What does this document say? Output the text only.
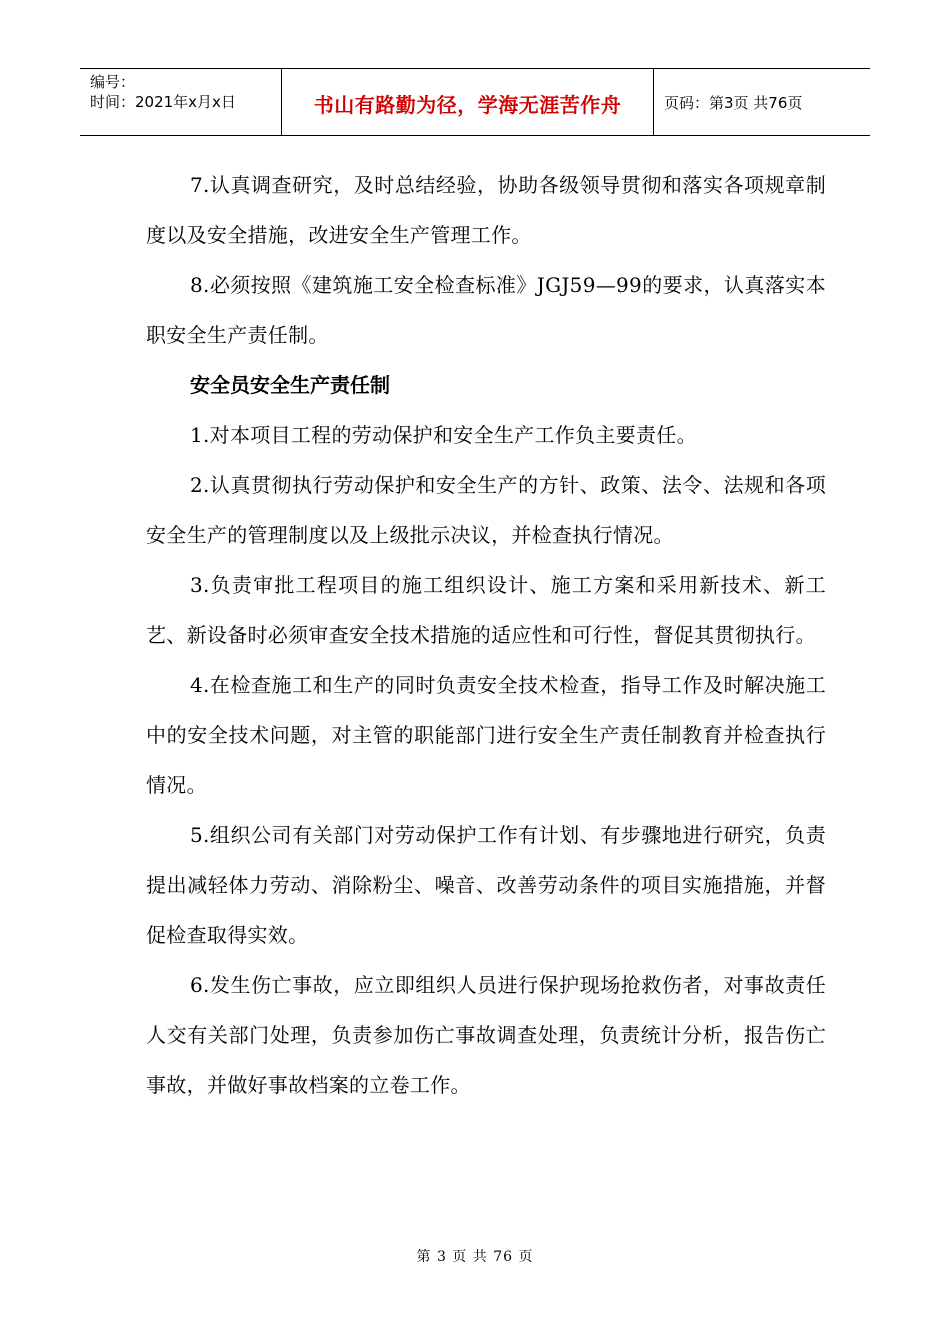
编号：
时间：2021年x月x日	书山有路勤为径，学海无涯苦作舟	页码：第3页 共76页

7.认真调查研究，及时总结经验，协助各级领导贯彻和落实各项规章制度以及安全措施，改进安全生产管理工作。

8.必须按照《建筑施工安全检查标准》JGJ59—99的要求，认真落实本职安全生产责任制。

安全员安全生产责任制

1.对本项目工程的劳动保护和安全生产工作负主要责任。

2.认真贯彻执行劳动保护和安全生产的方针、政策、法令、法规和各项安全生产的管理制度以及上级批示决议，并检查执行情况。

3.负责审批工程项目的施工组织设计、施工方案和采用新技术、新工艺、新设备时必须审查安全技术措施的适应性和可行性，督促其贯彻执行。

4.在检查施工和生产的同时负责安全技术检查，指导工作及时解决施工中的安全技术问题，对主管的职能部门进行安全生产责任制教育并检查执行情况。

5.组织公司有关部门对劳动保护工作有计划、有步骤地进行研究，负责提出减轻体力劳动、消除粉尘、噪音、改善劳动条件的项目实施措施，并督促检查取得实效。

6.发生伤亡事故，应立即组织人员进行保护现场抢救伤者，对事故责任人交有关部门处理，负责参加伤亡事故调查处理，负责统计分析，报告伤亡事故，并做好事故档案的立卷工作。

第 3 页 共 76 页
